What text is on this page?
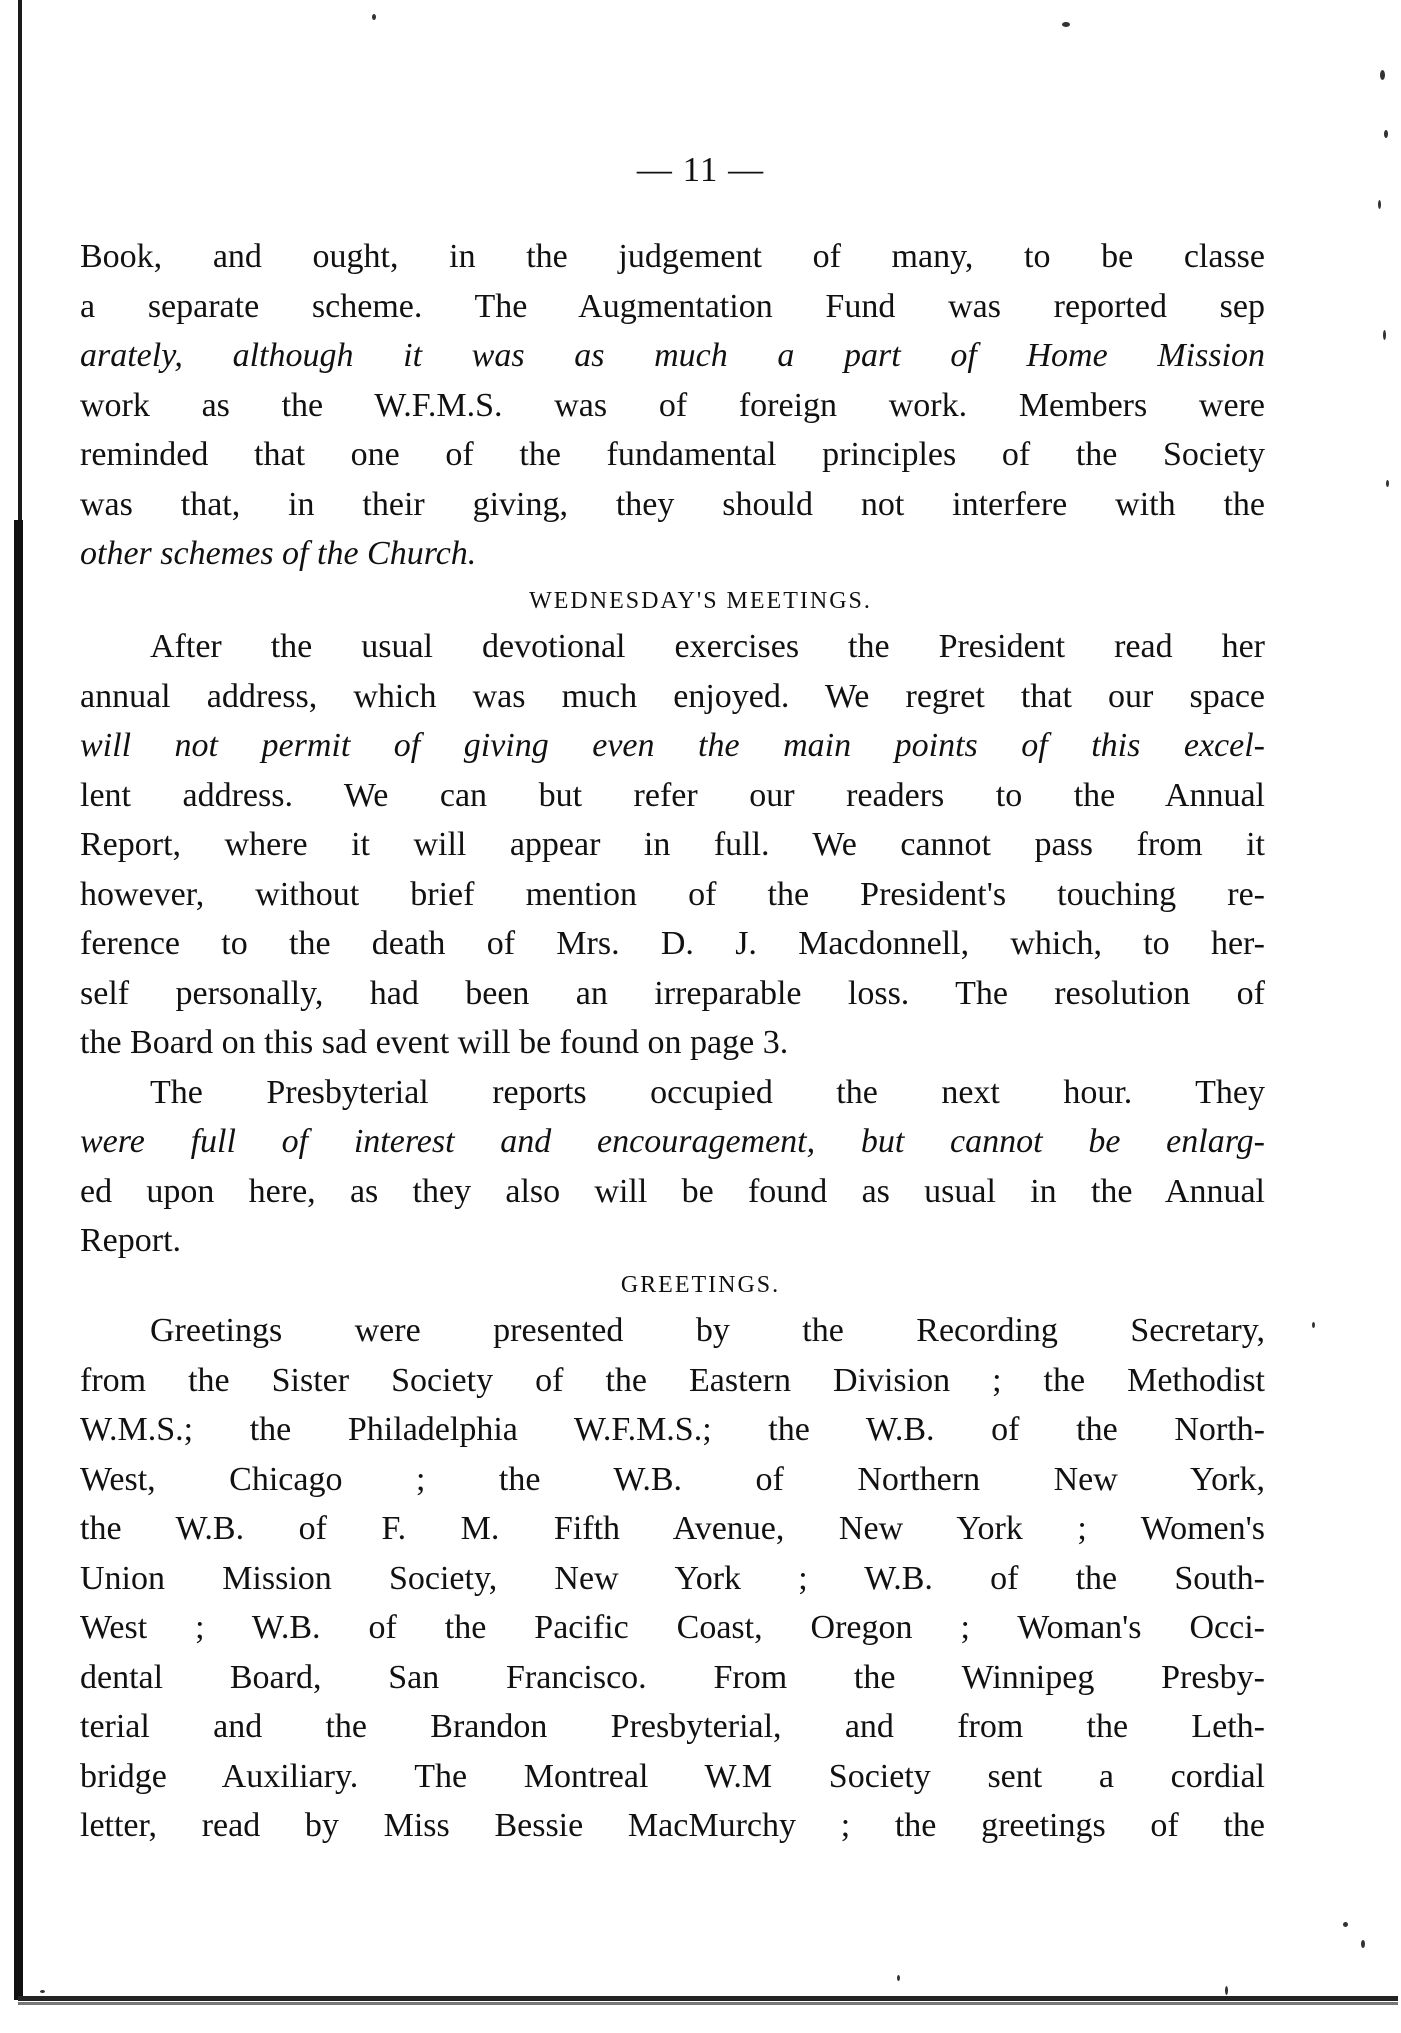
— 11 —
Book, and ought, in the judgement of many, to be classe
a separate scheme. The Augmentation Fund was reported sep
arately, although it was as much a part of Home Mission
work as the W.F.M.S. was of foreign work. Members were
reminded that one of the fundamental principles of the Society
was that, in their giving, they should not interfere with the
other schemes of the Church.
WEDNESDAY'S MEETINGS.
After the usual devotional exercises the President read her
annual address, which was much enjoyed. We regret that our space
will not permit of giving even the main points of this excel-
lent address. We can but refer our readers to the Annual
Report, where it will appear in full. We cannot pass from it
however, without brief mention of the President's touching re-
ference to the death of Mrs. D. J. Macdonnell, which, to her-
self personally, had been an irreparable loss. The resolution of
the Board on this sad event will be found on page 3.
The Presbyterial reports occupied the next hour. They
were full of interest and encouragement, but cannot be enlarg-
ed upon here, as they also will be found as usual in the Annual
Report.
GREETINGS.
Greetings were presented by the Recording Secretary,
from the Sister Society of the Eastern Division ; the Methodist
W.M.S.; the Philadelphia W.F.M.S.; the W.B. of the North-
West, Chicago ; the W.B. of Northern New York,
the W.B. of F. M. Fifth Avenue, New York ; Women's
Union Mission Society, New York ; W.B. of the South-
West ; W.B. of the Pacific Coast, Oregon ; Woman's Occi-
dental Board, San Francisco. From the Winnipeg Presby-
terial and the Brandon Presbyterial, and from the Leth-
bridge Auxiliary. The Montreal W.M Society sent a cordial
letter, read by Miss Bessie MacMurchy ; the greetings of the
